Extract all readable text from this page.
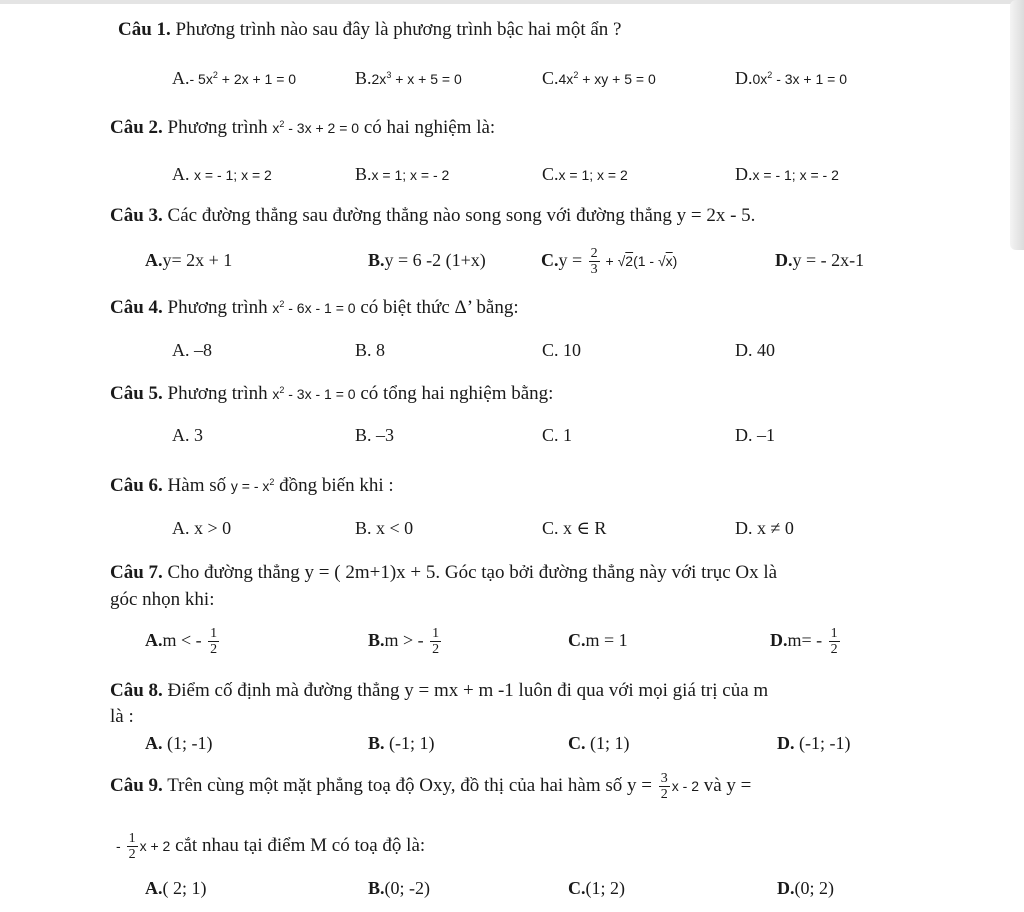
Câu 1. Phương trình nào sau đây là phương trình bậc hai một ẩn ?
A.- $5x^2 + 2x + 1 = 0$	$B.2x^3 + x + 5 = 0$	$C.4x^2$ + xy + 5 = 0	$D.0x^2 - 3x + 1 = 0$
Câu 2. Phương trình $x^2 - 3x + 2 = 0$ có hai nghiệm là:
A. x = - 1; x = 2	B.x = 1; x = - 2	C.x = 1; x = 2	D.x = - 1; x = - 2
Câu 3. Các đường thẳng sau đường thẳng nào song song với đường thẳng y = 2x - 5.
A.y= 2x + 1	B.y = 6 -2 (1+x)	$C.y = \frac{2}{3} + √2(1 - √x)$	D.y = - 2x-1
Câu 4. Phương trình $x^2 - 6x - 1 = 0$ có biệt thức Δ’ bằng:
A. –8	B. 8	C. 10	D. 40
Câu 5. Phương trình $x^2 - 3x - 1 = 0$ có tổng hai nghiệm bằng:
A. 3	B. –3	C. 1	D. –1
Câu 6. Hàm số y = - $x^2$ đồng biến khi :
A. x > 0	B. x < 0	C. x ∈ R	D. x ≠ 0
Câu 7. Cho đường thẳng y = ( 2m+1)x + 5. Góc tạo bởi đường thẳng này với trục Ox là
góc nhọn khi:
A.m < - $\frac{1}{2}$	B.m > - $\frac{1}{2}$	C.m = 1	$D.m= - \frac{1}{2}$
Câu 8. Điểm cố định mà đường thẳng y = mx + m -1 luôn đi qua với mọi giá trị của m
là :
A. (1; -1)	B. (-1; 1)	C. (1; 1)	D. (-1; -1)
Câu 9. Trên cùng một mặt phẳng toạ độ Oxy, đồ thị của hai hàm số $y = \frac{3}{2}$ x - 2 và y =
- $\frac{1}{2}$ x + 2 cắt nhau tại điểm M có toạ độ là:
A.( 2; 1)	B.(0; -2)	C.(1; 2)	D.(0; 2)
